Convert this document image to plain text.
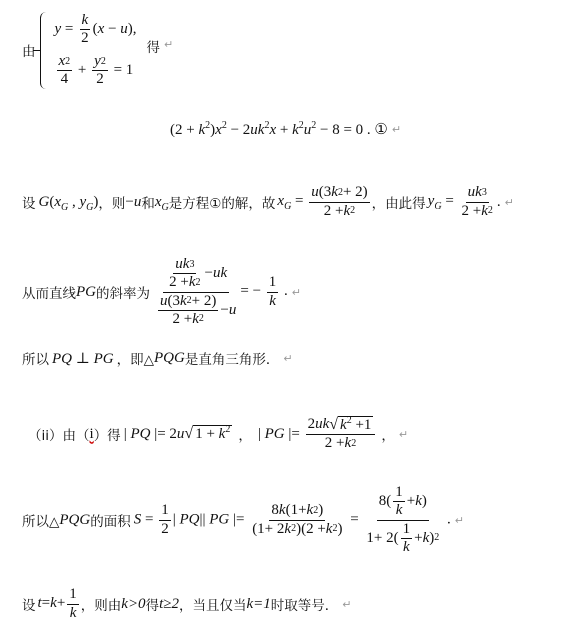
由
$y = \frac{k}{2} (x - u)$,
$\frac{x 2}{4} + \frac{y 2}{2} = 1$
得 ↵
$(2 + k^2)x^2 - 2uk^2x + k^2u^2 - 8 = 0$ . ① ↵
设 $G(x_G$ , $y_G$) ，则 −u 和 $x_G$ 是方程①的解，故 $x_G = \frac{u (3 k 2 + 2)}{2 + k 2}$ ， 由此得 $y_G = \frac{uk 3}{2 + k 2}$ . ↵
从而直线 PG 的斜率为 $\frac{\frac{uk 3}{2 + k 2} - uk}{\frac{u (3 k 2 + 2)}{2 + k 2} - u}$ = − $\frac{1}{k}$ . ↵
所以 PQ ⊥ PG ，即△ PQG 是直角三角形． ↵
（ii）由（ i ）得 | PQ |= 2u √ $1 + k^2$ ， | PG |= $\frac{2 uk √ k^2 +1}{2 + k 2}$ ， ↵
所以△ PQG 的面积 $S = \frac{1}{2}$ | PQ|| PG |= $\frac{8 k (1+ k 2 )}{(1+ 2 k 2 )(2 + k 2 )} = \frac{8( \frac{1}{k} + k )}{1+ 2( \frac{1}{k} + k ) 2}$ . ↵
设 $t=k+ \frac{1}{k}$ ，则由 k>0 得 t≥2 ，当且仅当 k=1 时取等号． ↵
